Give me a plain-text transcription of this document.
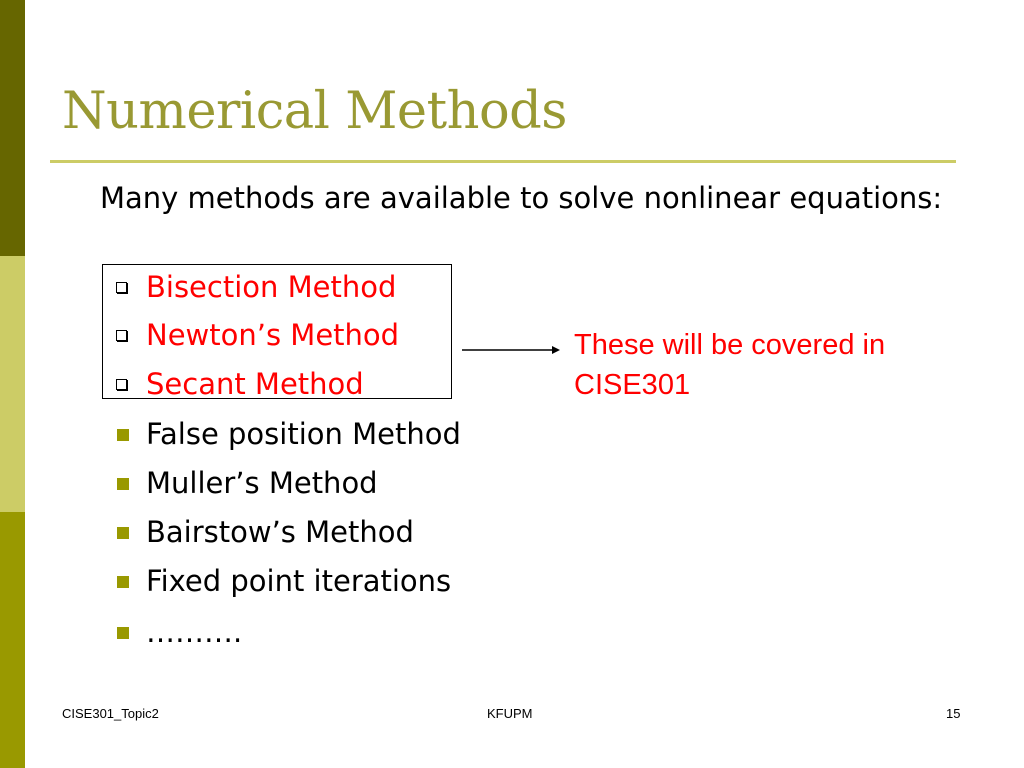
Numerical Methods
Many methods are available to solve nonlinear equations:
Bisection Method
Newton’s Method
Secant Method
False position Method
Muller’s Method
Bairstow’s Method
Fixed point iterations
……….
These will be covered in CISE301
CISE301_Topic2	KFUPM	15
